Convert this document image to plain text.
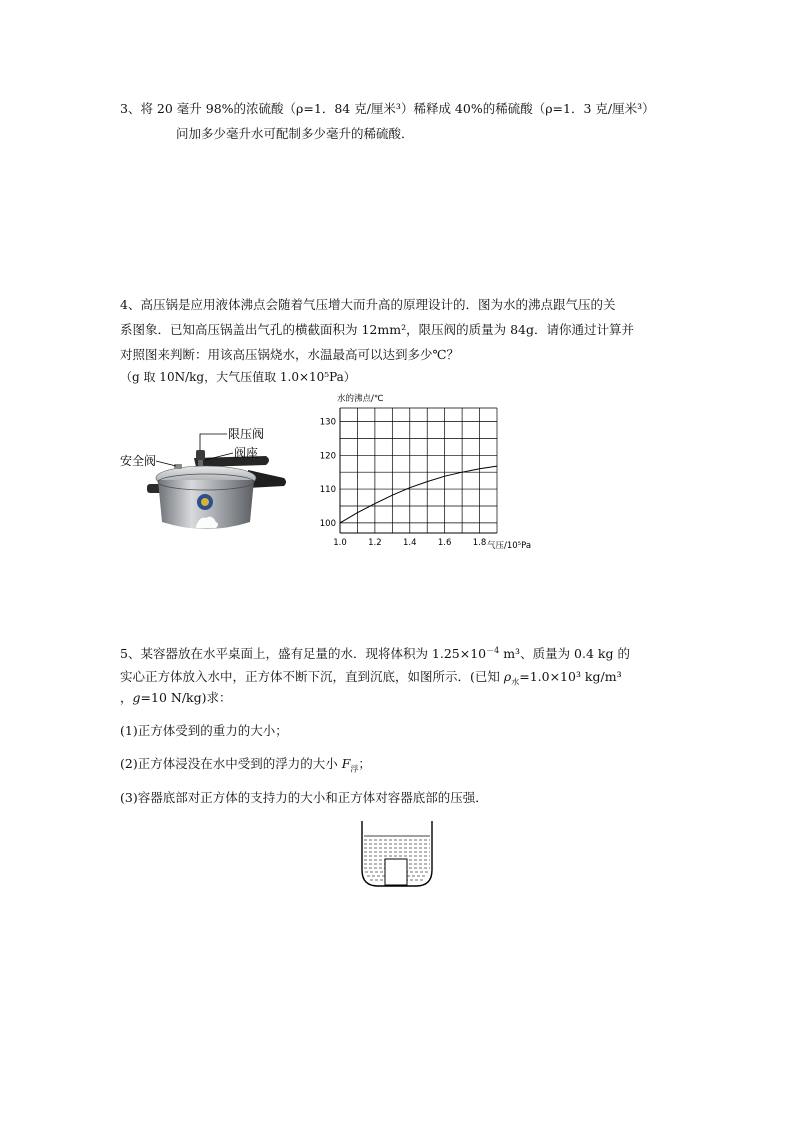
3、将 20 毫升 98%的浓硫酸（ρ=1．84 克/厘米³）稀释成 40%的稀硫酸（ρ=1．3 克/厘米³）
问加多少毫升水可配制多少毫升的稀硫酸．
4、高压锅是应用液体沸点会随着气压增大而升高的原理设计的．图为水的沸点跟气压的关
系图象．已知高压锅盖出气孔的横截面积为 12mm²，限压阀的质量为 84g．请你通过计算并
对照图来判断：用该高压锅烧水，水温最高可以达到多少℃？
（g 取 10N/kg，大气压值取 1.0×10⁵Pa）
限压阀
阀座
安全阀
水的沸点/℃
气压/10⁵Pa
1.0	1.2	1.4	1.6	1.8
100
110
120
130
5、某容器放在水平桌面上，盛有足量的水．现将体积为 $1.25\times 10^{-4}$ m³、质量为 0.4 kg 的
实心正方体放入水中，正方体不断下沉，直到沉底，如图所示．(已知 $\rho_水=1.0\times 10^3$ kg/m³
，g=10 N/kg)求：
(1)正方体受到的重力的大小；
(2)正方体浸没在水中受到的浮力的大小 $F_浮$；
(3)容器底部对正方体的支持力的大小和正方体对容器底部的压强．
